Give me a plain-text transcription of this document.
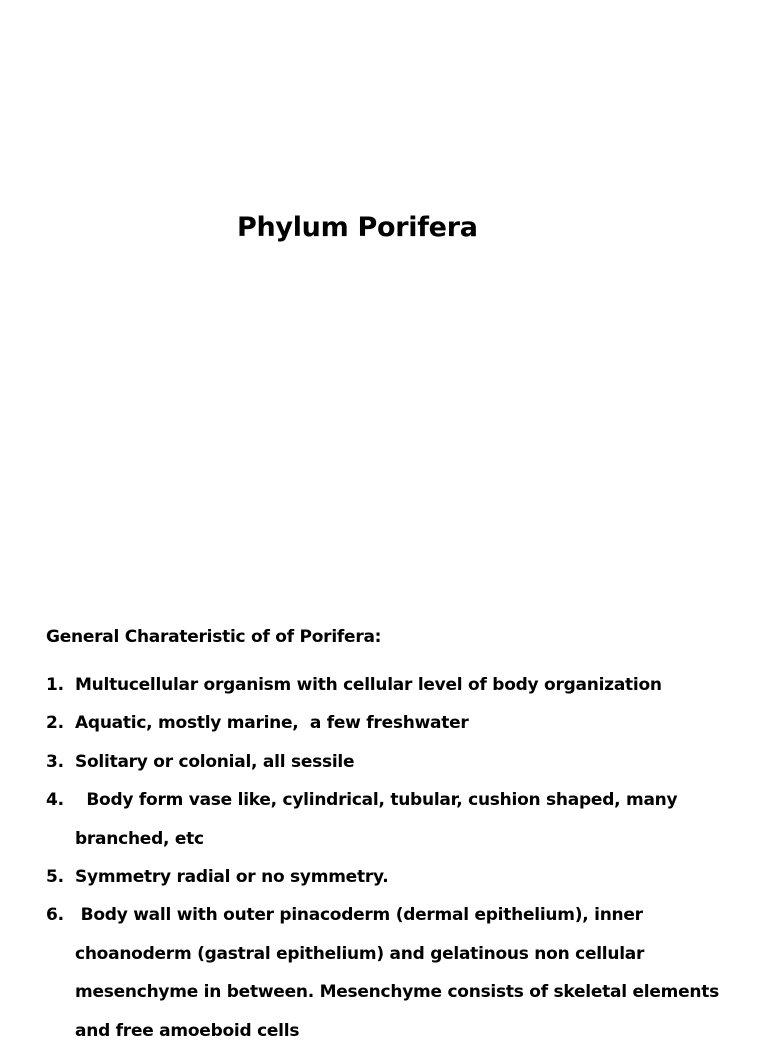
Phylum Porifera
General Charateristic of of Porifera:
1. Multucellular organism with cellular level of body organization
2. Aquatic, mostly marine,  a few freshwater
3. Solitary or colonial, all sessile
4. Body form vase like, cylindrical, tubular, cushion shaped, many branched, etc
5. Symmetry radial or no symmetry.
6. Body wall with outer pinacoderm (dermal epithelium), inner choanoderm (gastral epithelium) and gelatinous non cellular mesenchyme in between. Mesenchyme consists of skeletal elements and free amoeboid cells
